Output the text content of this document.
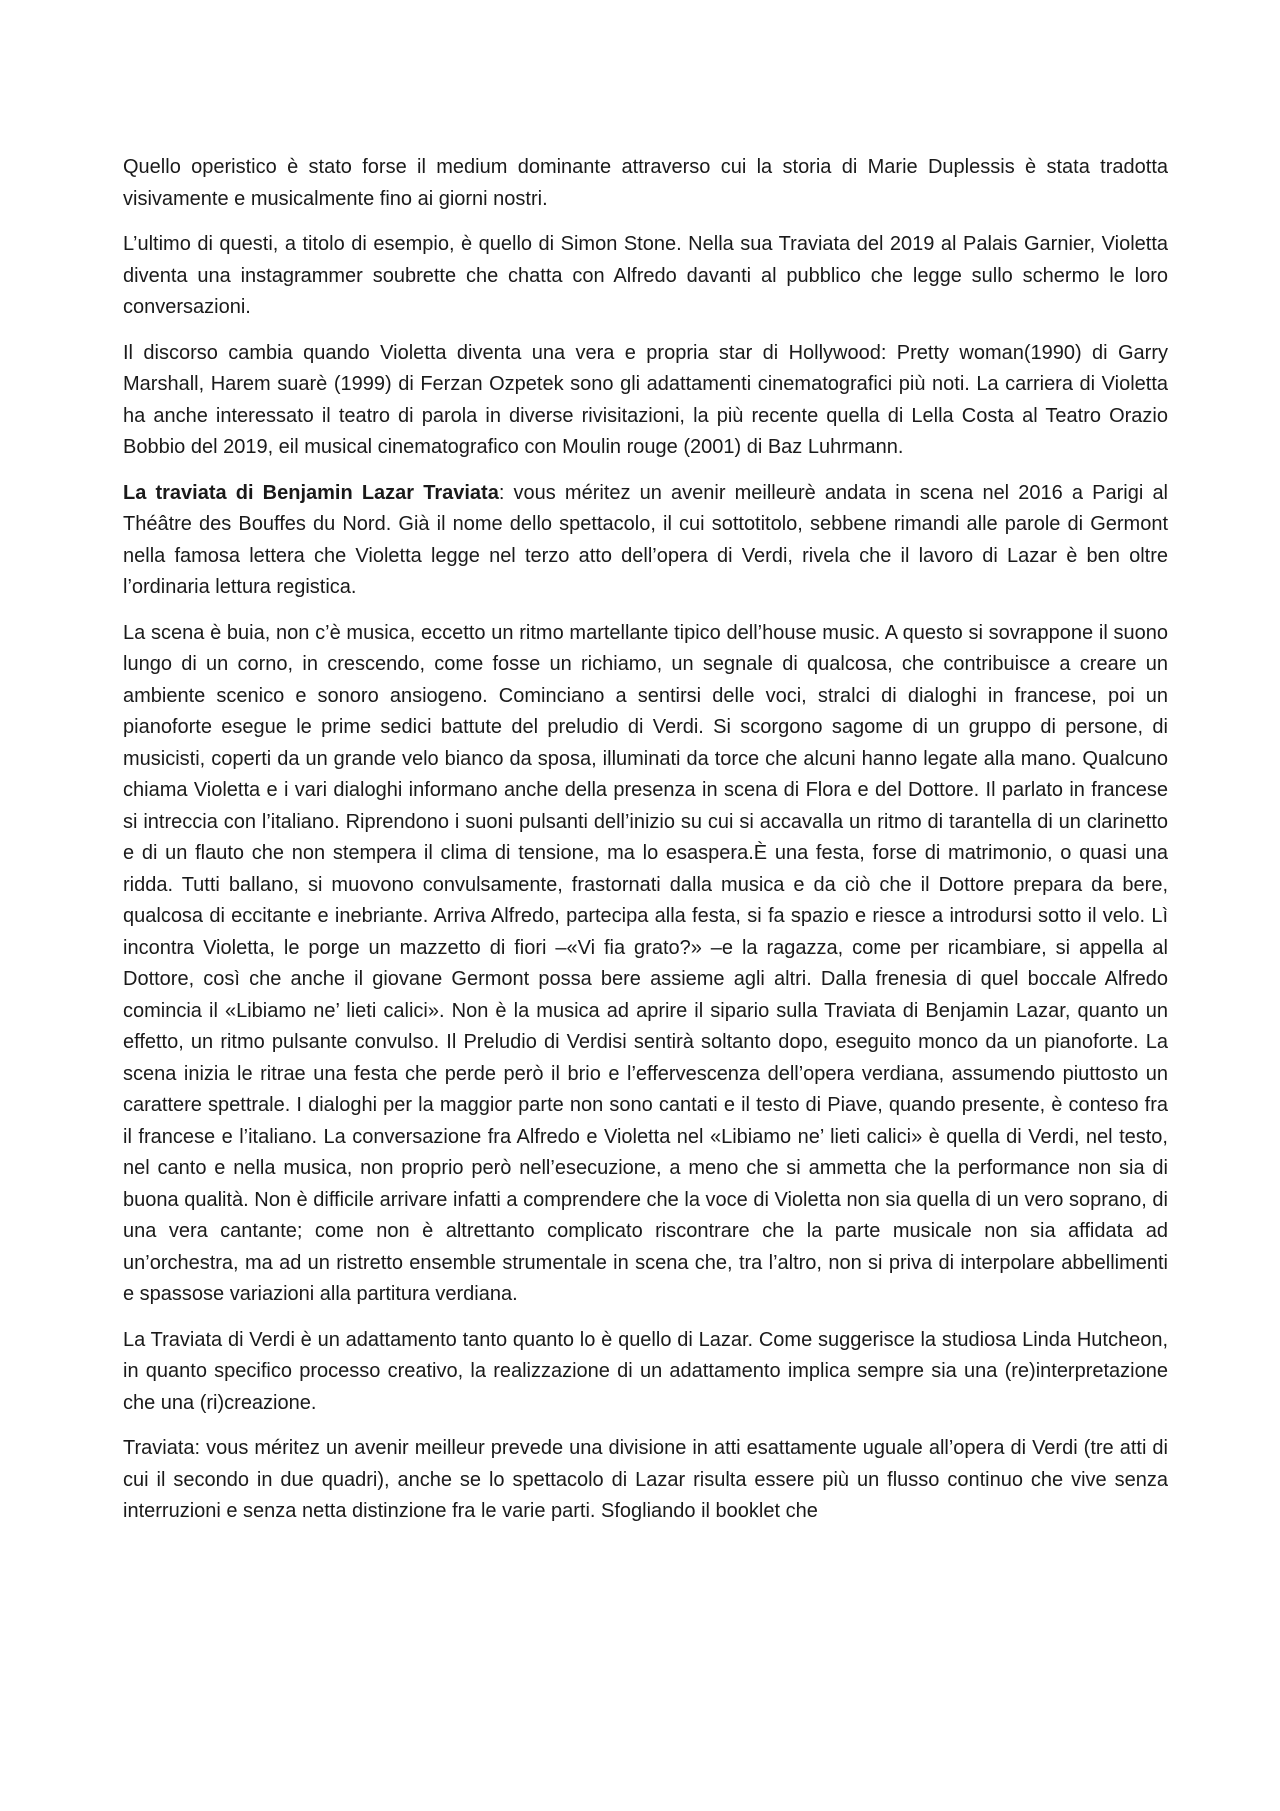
Quello operistico è stato forse il medium dominante attraverso cui la storia di Marie Duplessis è stata tradotta visivamente e musicalmente fino ai giorni nostri.

L’ultimo di questi, a titolo di esempio, è quello di Simon Stone. Nella sua Traviata del 2019 al Palais Garnier, Violetta diventa una instagrammer soubrette che chatta con Alfredo davanti al pubblico che legge sullo schermo le loro conversazioni.

Il discorso cambia quando Violetta diventa una vera e propria star di Hollywood: Pretty woman(1990) di Garry Marshall, Harem suarè (1999) di Ferzan Ozpetek sono gli adattamenti cinematografici più noti. La carriera di Violetta ha anche interessato il teatro di parola in diverse rivisitazioni, la più recente quella di Lella Costa al Teatro Orazio Bobbio del 2019, eil musical cinematografico con Moulin rouge (2001) di Baz Luhrmann.

La traviata di Benjamin Lazar Traviata: vous méritez un avenir meilleurè andata in scena nel 2016 a Parigi al Théâtre des Bouffes du Nord. Già il nome dello spettacolo, il cui sottotitolo, sebbene rimandi alle parole di Germont nella famosa lettera che Violetta legge nel terzo atto dell’opera di Verdi, rivela che il lavoro di Lazar è ben oltre l’ordinaria lettura registica.

La scena è buia, non c’è musica, eccetto un ritmo martellante tipico dell’house music. A questo si sovrappone il suono lungo di un corno, in crescendo, come fosse un richiamo, un segnale di qualcosa, che contribuisce a creare un ambiente scenico e sonoro ansiogeno. Cominciano a sentirsi delle voci, stralci di dialoghi in francese, poi un pianoforte esegue le prime sedici battute del preludio di Verdi. Si scorgono sagome di un gruppo di persone, di musicisti, coperti da un grande velo bianco da sposa, illuminati da torce che alcuni hanno legate alla mano. Qualcuno chiama Violetta e i vari dialoghi informano anche della presenza in scena di Flora e del Dottore. Il parlato in francese si intreccia con l’italiano. Riprendono i suoni pulsanti dell’inizio su cui si accavalla un ritmo di tarantella di un clarinetto e di un flauto che non stempera il clima di tensione, ma lo esaspera.È una festa, forse di matrimonio, o quasi una ridda. Tutti ballano, si muovono convulsamente, frastornati dalla musica e da ciò che il Dottore prepara da bere, qualcosa di eccitante e inebriante. Arriva Alfredo, partecipa alla festa, si fa spazio e riesce a introdursi sotto il velo. Lì incontra Violetta, le porge un mazzetto di fiori –«Vi fia grato?» –e la ragazza, come per ricambiare, si appella al Dottore, così che anche il giovane Germont possa bere assieme agli altri. Dalla frenesia di quel boccale Alfredo comincia il «Libiamo ne’ lieti calici». Non è la musica ad aprire il sipario sulla Traviata di Benjamin Lazar, quanto un effetto, un ritmo pulsante convulso. Il Preludio di Verdisi sentirà soltanto dopo, eseguito monco da un pianoforte. La scena inizia le ritrae una festa che perde però il brio e l’effervescenza dell’opera verdiana, assumendo piuttosto un carattere spettrale. I dialoghi per la maggior parte non sono cantati e il testo di Piave, quando presente, è conteso fra il francese e l’italiano. La conversazione fra Alfredo e Violetta nel «Libiamo ne’ lieti calici» è quella di Verdi, nel testo, nel canto e nella musica, non proprio però nell’esecuzione, a meno che si ammetta che la performance non sia di buona qualità. Non è difficile arrivare infatti a comprendere che la voce di Violetta non sia quella di un vero soprano, di una vera cantante; come non è altrettanto complicato riscontrare che la parte musicale non sia affidata ad un’orchestra, ma ad un ristretto ensemble strumentale in scena che, tra l’altro, non si priva di interpolare abbellimenti e spassose variazioni alla partitura verdiana.

La Traviata di Verdi è un adattamento tanto quanto lo è quello di Lazar. Come suggerisce la studiosa Linda Hutcheon, in quanto specifico processo creativo, la realizzazione di un adattamento implica sempre sia una (re)interpretazione che una (ri)creazione.

Traviata: vous méritez un avenir meilleur prevede una divisione in atti esattamente uguale all’opera di Verdi (tre atti di cui il secondo in due quadri), anche se lo spettacolo di Lazar risulta essere più un flusso continuo che vive senza interruzioni e senza netta distinzione fra le varie parti. Sfogliando il booklet che
